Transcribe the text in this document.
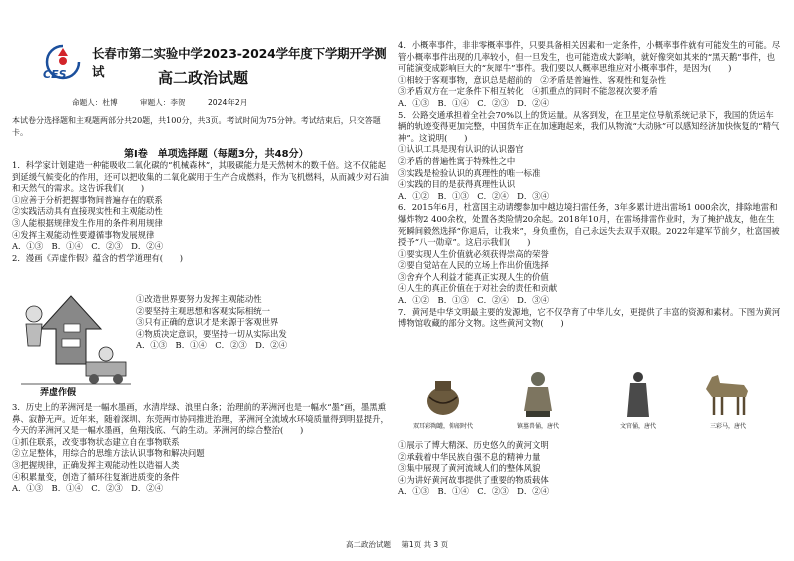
CES
长春市第二实验中学2023-2024学年度下学期开学测试	高二政治试题
命题人：杜博	审题人：李贺	2024年2月
本试卷分选择题和主观题两部分共20题，共100分，共3页。考试时间为75分钟。考试结束后，只交答题卡。
第Ⅰ卷　单项选择题（每题3分，共48分）

1．科学家计划建造一种能吸收二氧化碳的“机械森林”，其吸碳能力是天然树木的数千倍。这不仅能起到延缓气候变化的作用，还可以把收集的二氧化碳用于生产合成燃料，作为飞机燃料，从而减少对石油和天然气的需求。这告诉我们(　　)

①应善于分析把握事物间普遍存在的联系

②实践活动具有直接现实性和主观能动性

③人能根据规律发生作用的条件利用规律

④发挥主观能动性要遵循事物发展规律

A．①③　B．①④　C．②③　D．②④

2．漫画《弄虚作假》蕴含的哲学道理有(　　)

弄虚作假

①改造世界要努力发挥主观能动性

②要坚持主观思想和客观实际相统一

③只有正确的意识才是来源于客观世界

④物质决定意识，要坚持一切从实际出发

A．①③　B．①④　C．②③　D．②④

3．历史上的茅洲河是一幅水墨画，水清岸绿、浪里白条；治理前的茅洲河也是一幅水“墨”画，墨黑熏鼻、寂静无声。近年来，随着深圳、东莞两市协同推进治理，茅洲河全流域水环境质量得到明显提升，今天的茅洲河又是一幅水墨画，鱼翔浅底、气韵生动。茅洲河的综合整治(　　)

①抓住联系，改变事物状态建立自在事物联系

②立足整体，用综合的思维方法认识事物和解决问题

③把握规律，正确发挥主观能动性以造福人类

④积累量变，创造了循环往复渐进质变的条件

A．①③　B．①④　C．②③　D．②④

4．小概率事件，非非零概率事件，只要具备相关因素和一定条件，小概率事件就有可能发生的可能。尽管小概率事件出现的几率较小，但一旦发生，也可能造成大影响，就好像突如其来的“黑天鹅”事件，也可能演变成影响巨大的“灰犀牛”事件。我们要以人概率思维应对小概率事件，是因为(　　)

①相较于客观事物，意识总是超前的　 ②矛盾是普遍性、客观性和复杂性

③矛盾双方在一定条件下相互转化　 ④抓重点的同时不能忽视次要矛盾

A．①③　B．①④　C．②③　D．②④

5．公路交通承担着全社会70%以上的货运量。从客到发，在卫星定位导航系统记录下，我国的货运车辆的轨迹变得更加完整，中国货车正在加速跑起来，我们从物流“大动脉”可以感知经济加快恢复的“精气神”。这说明(　　)

①认识工具是现有认识的认识器官

②矛盾的普遍性寓于特殊性之中

③实践是检验认识的真理性的唯一标准

④实践的目的是获得真理性认识

A．①②　B．①③　C．②④　D．③④

6．2015年6月，杜富国主动请缨参加中越边境扫雷任务，3年多累计进出雷场1 000余次，排除地雷和爆炸物2 400余枚，处置各类险情20余起。2018年10月，在雷场排雷作业时，为了掩护战友，他在生死瞬间毅然选择“你退后，让我来”，身负重伤，自己永远失去双手双眼。2022年建军节前夕，杜富国被授予“八一勋章”。这启示我们(　　)

①要实现人生价值就必须获得崇高的荣誉

②要自觉站在人民的立场上作出价值选择

③舍弃个人利益才能真正实现人生的价值

④人生的真正价值在于对社会的责任和贡献

A．①②　B．①③　C．②④　D．③④

7．黄河是中华文明最主要的发源地，它不仅孕育了中华儿女，更提供了丰富的资源和素材。下图为黄河博物馆收藏的部分文物。这些黄河文物(　　)

双耳彩陶罐，仰韶时代	镇墓兽俑，唐代	文官俑，唐代	三彩马，唐代

①展示了博大精深、历史悠久的黄河文明

②承载着中华民族自强不息的精神力量

③集中展现了黄河流域人们的整体风貌

④为讲好黄河故事提供了重要的物质载体

A．①③　B．①④　C．②③　D．②④

高二政治试题 第1页 共 3 页
